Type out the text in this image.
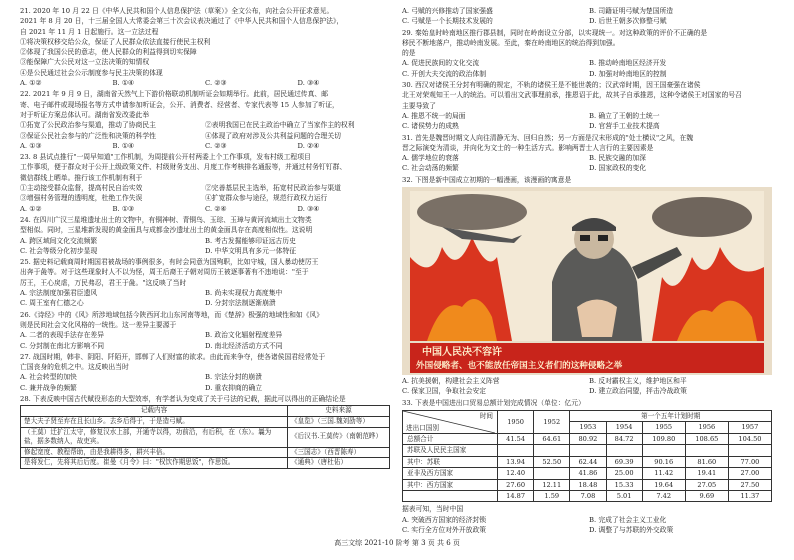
21. 2020 年 10 月 22 日《中华人民共和国个人信息保护法（草案）》全文公布，向社会公开征求意见。

2021 年 8 月 20 日，十三届全国人大常委会第三十次会议表决通过了《中华人民共和国个人信息保护法》，

自 2021 年 11 月 1 日起施行。这一立法过程

①将决策权移交给公众，保证了人民群众依法直接行使民主权利

②体现了我国公民的意志，使人民群众的利益得到切实保障

③能保障广大公民对这一立法决策的知情权

④是公民通过社会公示制度参与民主决策的体现

A. ①②	B. ①④	C. ②③	D. ③④

22. 2021 年 9 月 9 日，湖南省天然气上下游价格联动机制听证会如期举行。此前，居民通过传真、邮

寄、电子邮件或现场报名等方式申请参加听证会，公开、消费者、经营者、专家代表等 15 人参加了听证，

对于听证方案总体认可。湖南省发改委此举

①拓宽了公民政治参与渠道，推动了协商民主	②表明我国已在民主政治中确立了当家作主的权利
③保证公民社会参与的广泛性和决策的科学性	④体现了政府对涉及公共利益问题的合理关切
A. ①③	B. ①④	C. ②③	D. ②④

23. 8 县试点推行"一周早知道"工作机制，为周提前公开村两委上个工作事项，发布村级工程项目

工作事项，便于群众对于公开上级政策文件、村级财务支出、月度工作考核排名通报等，并通过村务钉钉群、

微信群线上晒单。推行该工作机制有利于

①主动接受群众监督，提高村民自治实效	②完善基层民主选举，拓宽村民政治参与渠道
③增强村务管理的透明度，杜绝工作失误	④扩宽群众参与途径，规范行政权力运行
A. ①②	B. ①③	C. ②④	D. ③④

24. 在四川广汉三星堆遗址出土的文物中，有铜神树、青铜鸟、玉琮、玉璋与黄河流域出土文物类

型相似。同时，三星堆新发现的黄金面具与成都金沙遗址出土的黄金面具存在高度相似性。这说明

A. 跨区域间文化交流频繁	B. 考古发掘能够印证远古历史
C. 社会等级分化初步显现	D. 中华文明具有多元一体特征

25. 据史料记载商周时期国君被战场的事例很多，有时会同意为国殉职，比如守城，国人暴动使厉王

出奔于彘等。对于这些现象时人不以为怪，周王后裔王子朝对周历王被逐事著有不违地说："至于

厉王，王心戾虐，万民弗忍，君王于彘。"这反映了当时

A. 宗法制度加强君臣遗风	B. 尚未实现权力高度集中
C. 周王室有仁德之心	D. 分封宗法制逐渐崩溃

26.《诗经》中的《风》所涉地域包括今陕西河北山东河南等地，而《楚辞》极强的地域性和如《风》

则是民间社会文化风格的一统性。这一差异主要源于

A. 二者的表现手法存在差异	B. 政治文化辐射程度差异
C. 分封制在南北方影响不同	D. 南北经济活动方式不同

27. 战国时期，韩非、阴阳、阡陌开，邯郸了人们财富的欲求。由此而来争夺，使各诸侯国君经常处于

亡国丧身的危机之中。这反映出当时

A. 社会转型的加快	B. 宗法分封的崩溃
C. 兼并战争的频繁	D. 重农抑商的确立

28. 下表反映中国古代赋役形态的大型效率，有学者认为变成了关于弓法的记载，据此可以得出的正确结论是

记载内容	史料来源
楚大夫子贤至弃在且长山乡。去乡后得于，于是造弓赋。	《皇览》（三国.魏刘劭等）
（王莫）迁扩江太守，修复汉水上部，开通寺以得，功前沿，有后积，在（东）。曩为盐，据多数纳人，故吏宾。	《后汉书.王莫传》（南朝范晔）
修起宽度、教程帮助，由是我耕得多，耕兴丰倍。	《三国志》（西晋陈寿）
是将发仁，先将其后后度。崔曼《月令》曰："权饮作期思饭"，作思饭。	《通典》（唐杜佑）
A. 弓赋的兴修推动了国家强盛	B. 司籍证明弓赋为楚国所造
C. 弓赋是一个长期技术发展的	D. 后世王朝多次修整弓赋

29. 秦始皇时岭南地区推行郡县制，同时在岭南设立分部，以实现统一。对这种政策的评价不正确的是

移民不断地落户，推动岭南发展。至此，秦在岭南地区的统治得到加强。

的是

A. 促进民族间的文化交流	B. 推动岭南地区经济开发
C. 开创大夫交流的政治体制	D. 加强对岭南地区的控制

30. 西汉对诸侯王分封有明确的规定，不轨的诸侯王是不能世袭的；汉武帝时期，因王国豪强在诸侯

北王对荣观知王一人的统治。可以看出文武事理前承，推恩诏于此，故其子自承推恩，这种令诸侯王对国家的号召

主要导致了

A. 推恩不统一的局面	B. 确立了王朝的土统一
C. 诸侯势力的成熟	D. 官营手工业技术提高

31. 首先是魏晋时期文人向往清静无为、回归自然；另一方面是汉末形成的"处士横议"之风，在魏

晋之际演变为清谈，并向化为文士的一种生活方式。影响两晋士人言行的主要因素是

A. 儒学地位的衰落	B. 民族交融的加深
C. 社会动荡的频繁	D. 国家政权的变化

32. 下图是新中国成立初期的一幅漫画，该漫画的寓意是

中国人民决不容许
外国侵略者、也不能放任帝国主义者们的这种侵略之举
A. 抗美援朝，构建社会主义阵营	B. 反对霸权主义，维护地区和平
C. 保家卫国，争取社会安定	D. 建立政治同盟，抨击冷战政策

33. 下表是中国进出口贸易总额计划完成情况（单位：亿元）

时间
进出口国别	1950	1952	第一个五年计划时期				
			1953	1954	1955	1956	1957
总额合计	41.54	64.61	80.92	84.72	109.80	108.65	104.50
苏联及人民民主国家							
其中：苏联	13.94	52.50	62.44	69.39	90.16	81.60	77.00
亚非及西方国家	12.40		41.86	25.00	11.42	19.41	27.00
其中：西方国家	27.60	12.11	18.48	15.33	19.64	27.05	27.50
	14.87	1.59	7.08	5.01	7.42	9.69	11.37

据表可知，当时中国

A. 突破西方国家的经济封锁	B. 完成了社会主义工业化
C. 实行全方位对外开放政策	D. 调整了与苏联的外交政策
高三文综 2021-10 阶考 第 3 页 共 6 页
